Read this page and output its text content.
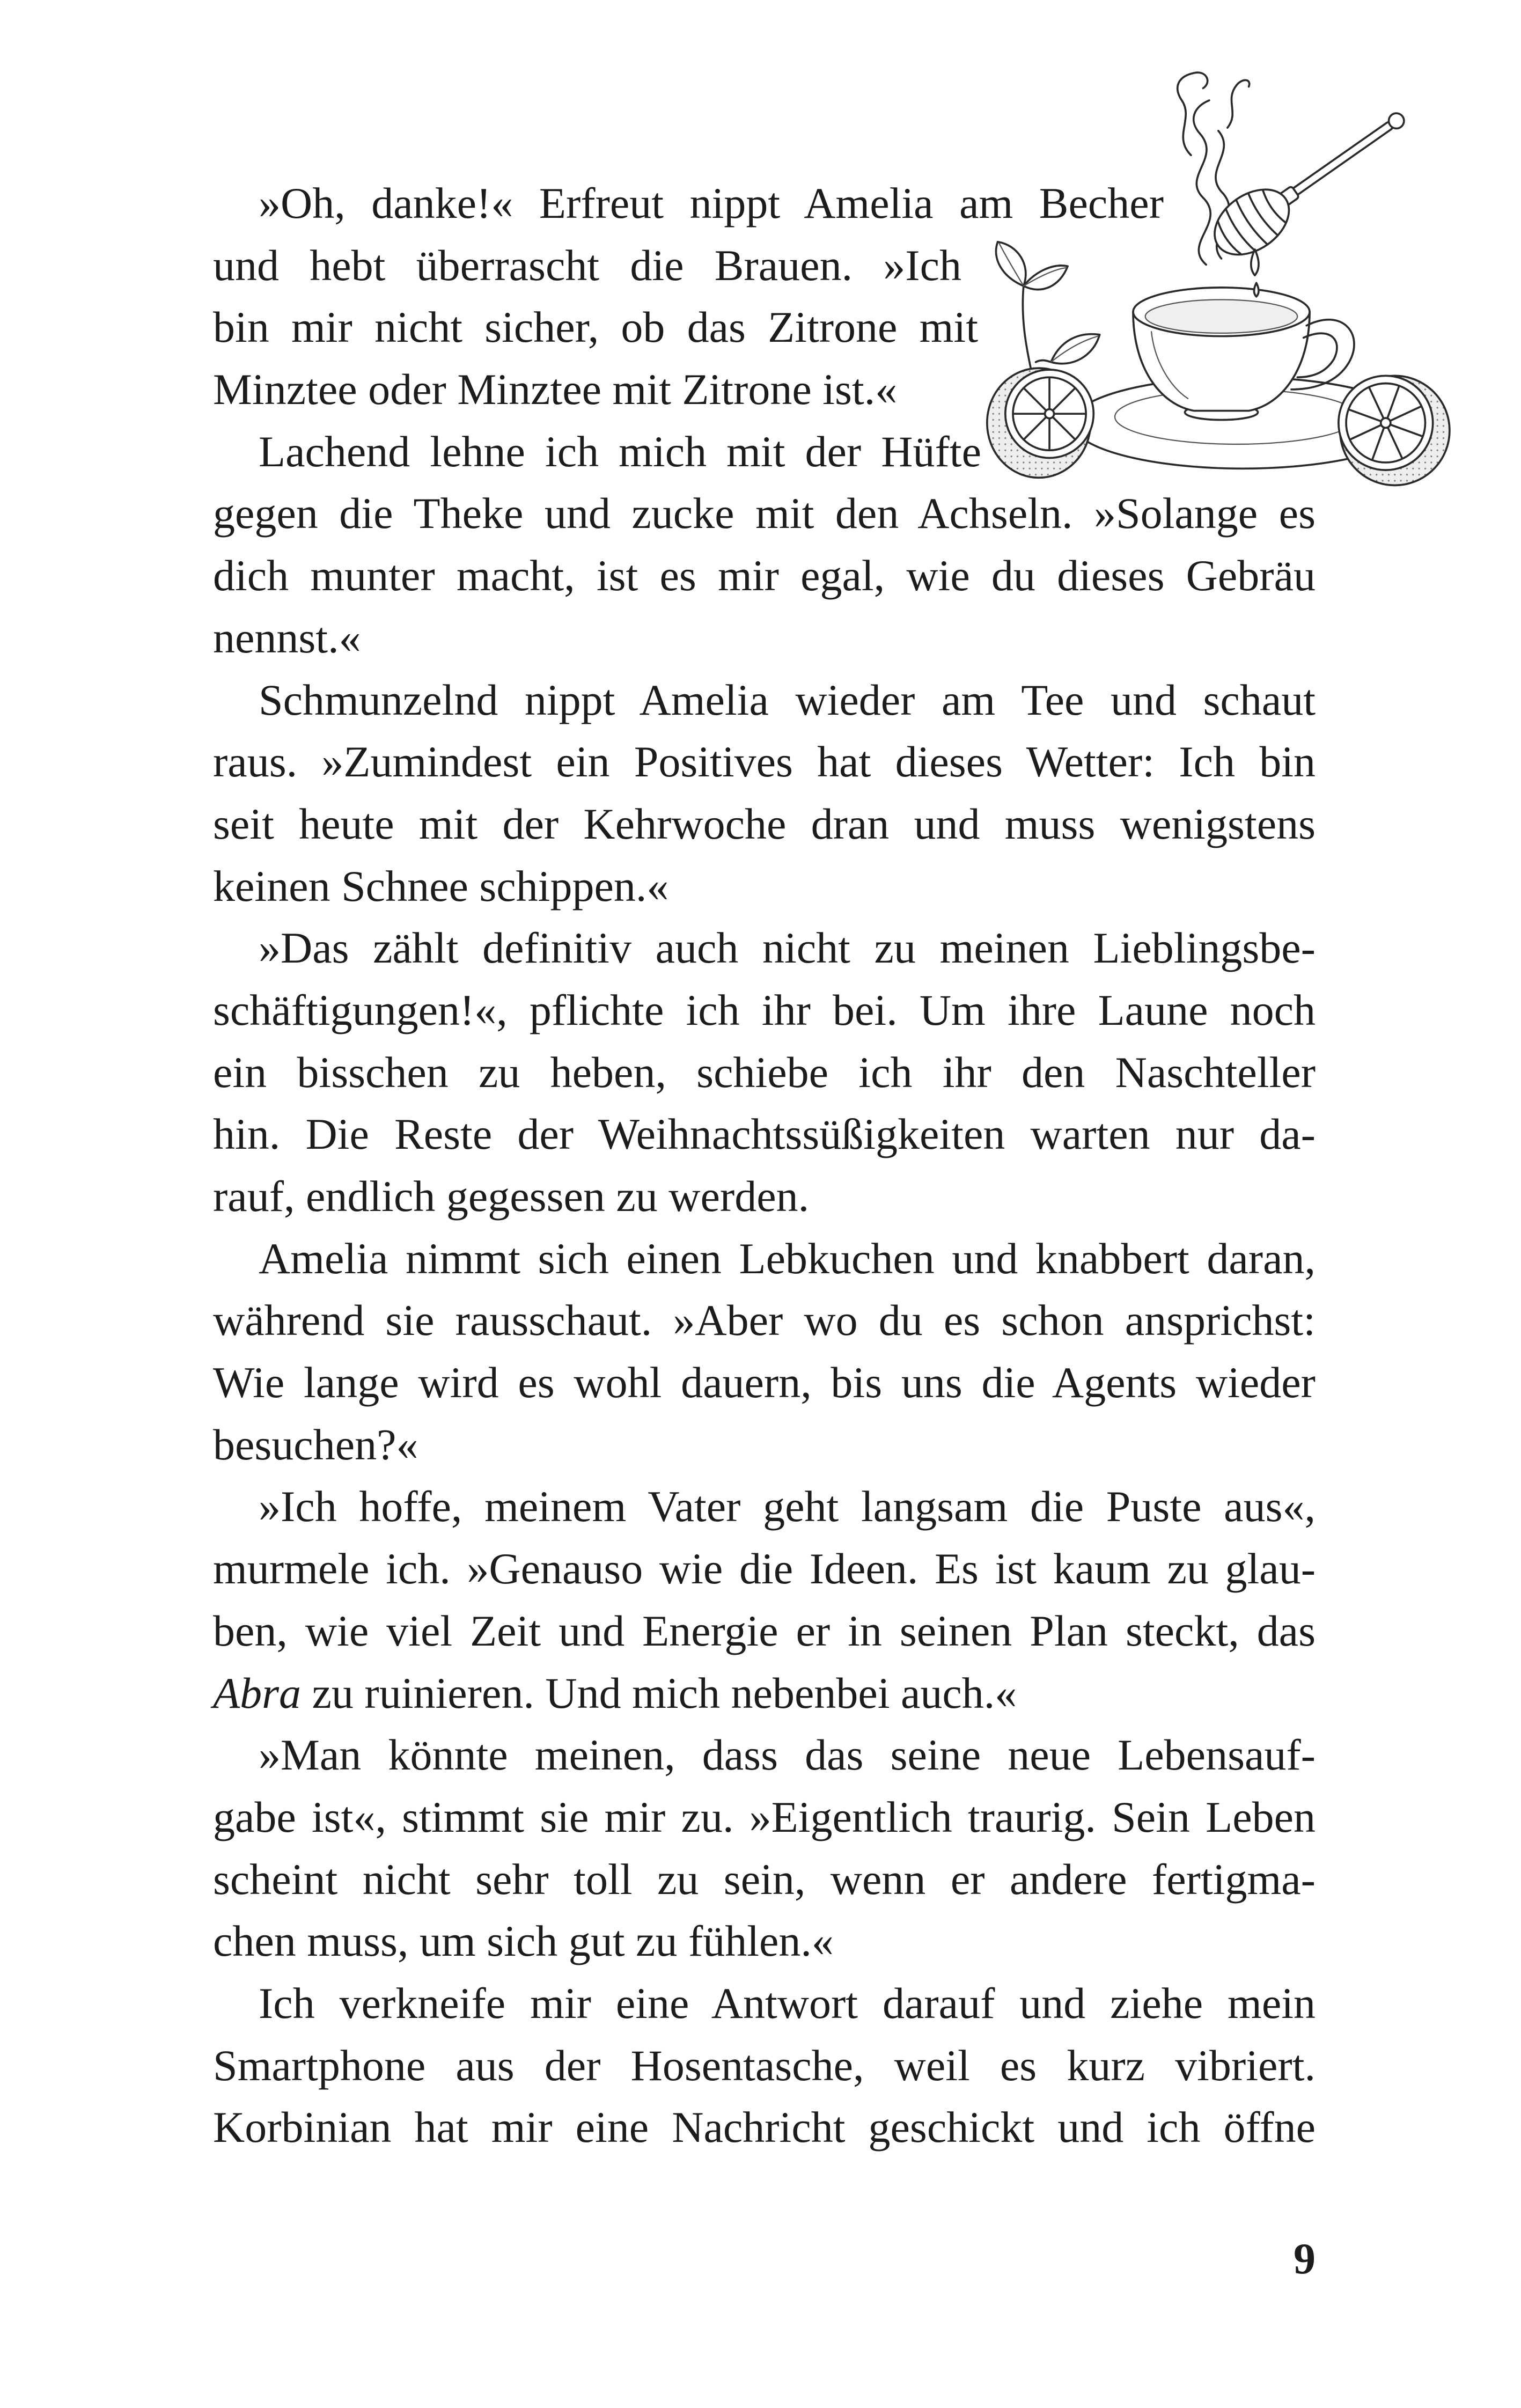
»Oh, danke!« Erfreut nippt Amelia am Becher
und hebt überrascht die Brauen. »Ich
bin mir nicht sicher, ob das Zitrone mit
Minztee oder Minztee mit Zitrone ist.«
Lachend lehne ich mich mit der Hüfte
gegen die Theke und zucke mit den Achseln. »Solange es
dich munter macht, ist es mir egal, wie du dieses Gebräu
nennst.«
Schmunzelnd nippt Amelia wieder am Tee und schaut
raus. »Zumindest ein Positives hat dieses Wetter: Ich bin
seit heute mit der Kehrwoche dran und muss wenigstens
keinen Schnee schippen.«
»Das zählt definitiv auch nicht zu meinen Lieblingsbe-
schäftigungen!«, pflichte ich ihr bei. Um ihre Laune noch
ein bisschen zu heben, schiebe ich ihr den Naschteller
hin. Die Reste der Weihnachtssüßigkeiten warten nur da-
rauf, endlich gegessen zu werden.
Amelia nimmt sich einen Lebkuchen und knabbert daran,
während sie rausschaut. »Aber wo du es schon ansprichst:
Wie lange wird es wohl dauern, bis uns die Agents wieder
besuchen?«
»Ich hoffe, meinem Vater geht langsam die Puste aus«,
murmele ich. »Genauso wie die Ideen. Es ist kaum zu glau-
ben, wie viel Zeit und Energie er in seinen Plan steckt, das
Abra zu ruinieren. Und mich nebenbei auch.«
»Man könnte meinen, dass das seine neue Lebensauf-
gabe ist«, stimmt sie mir zu. »Eigentlich traurig. Sein Leben
scheint nicht sehr toll zu sein, wenn er andere fertigma-
chen muss, um sich gut zu fühlen.«
Ich verkneife mir eine Antwort darauf und ziehe mein
Smartphone aus der Hosentasche, weil es kurz vibriert.
Korbinian hat mir eine Nachricht geschickt und ich öffne
9
